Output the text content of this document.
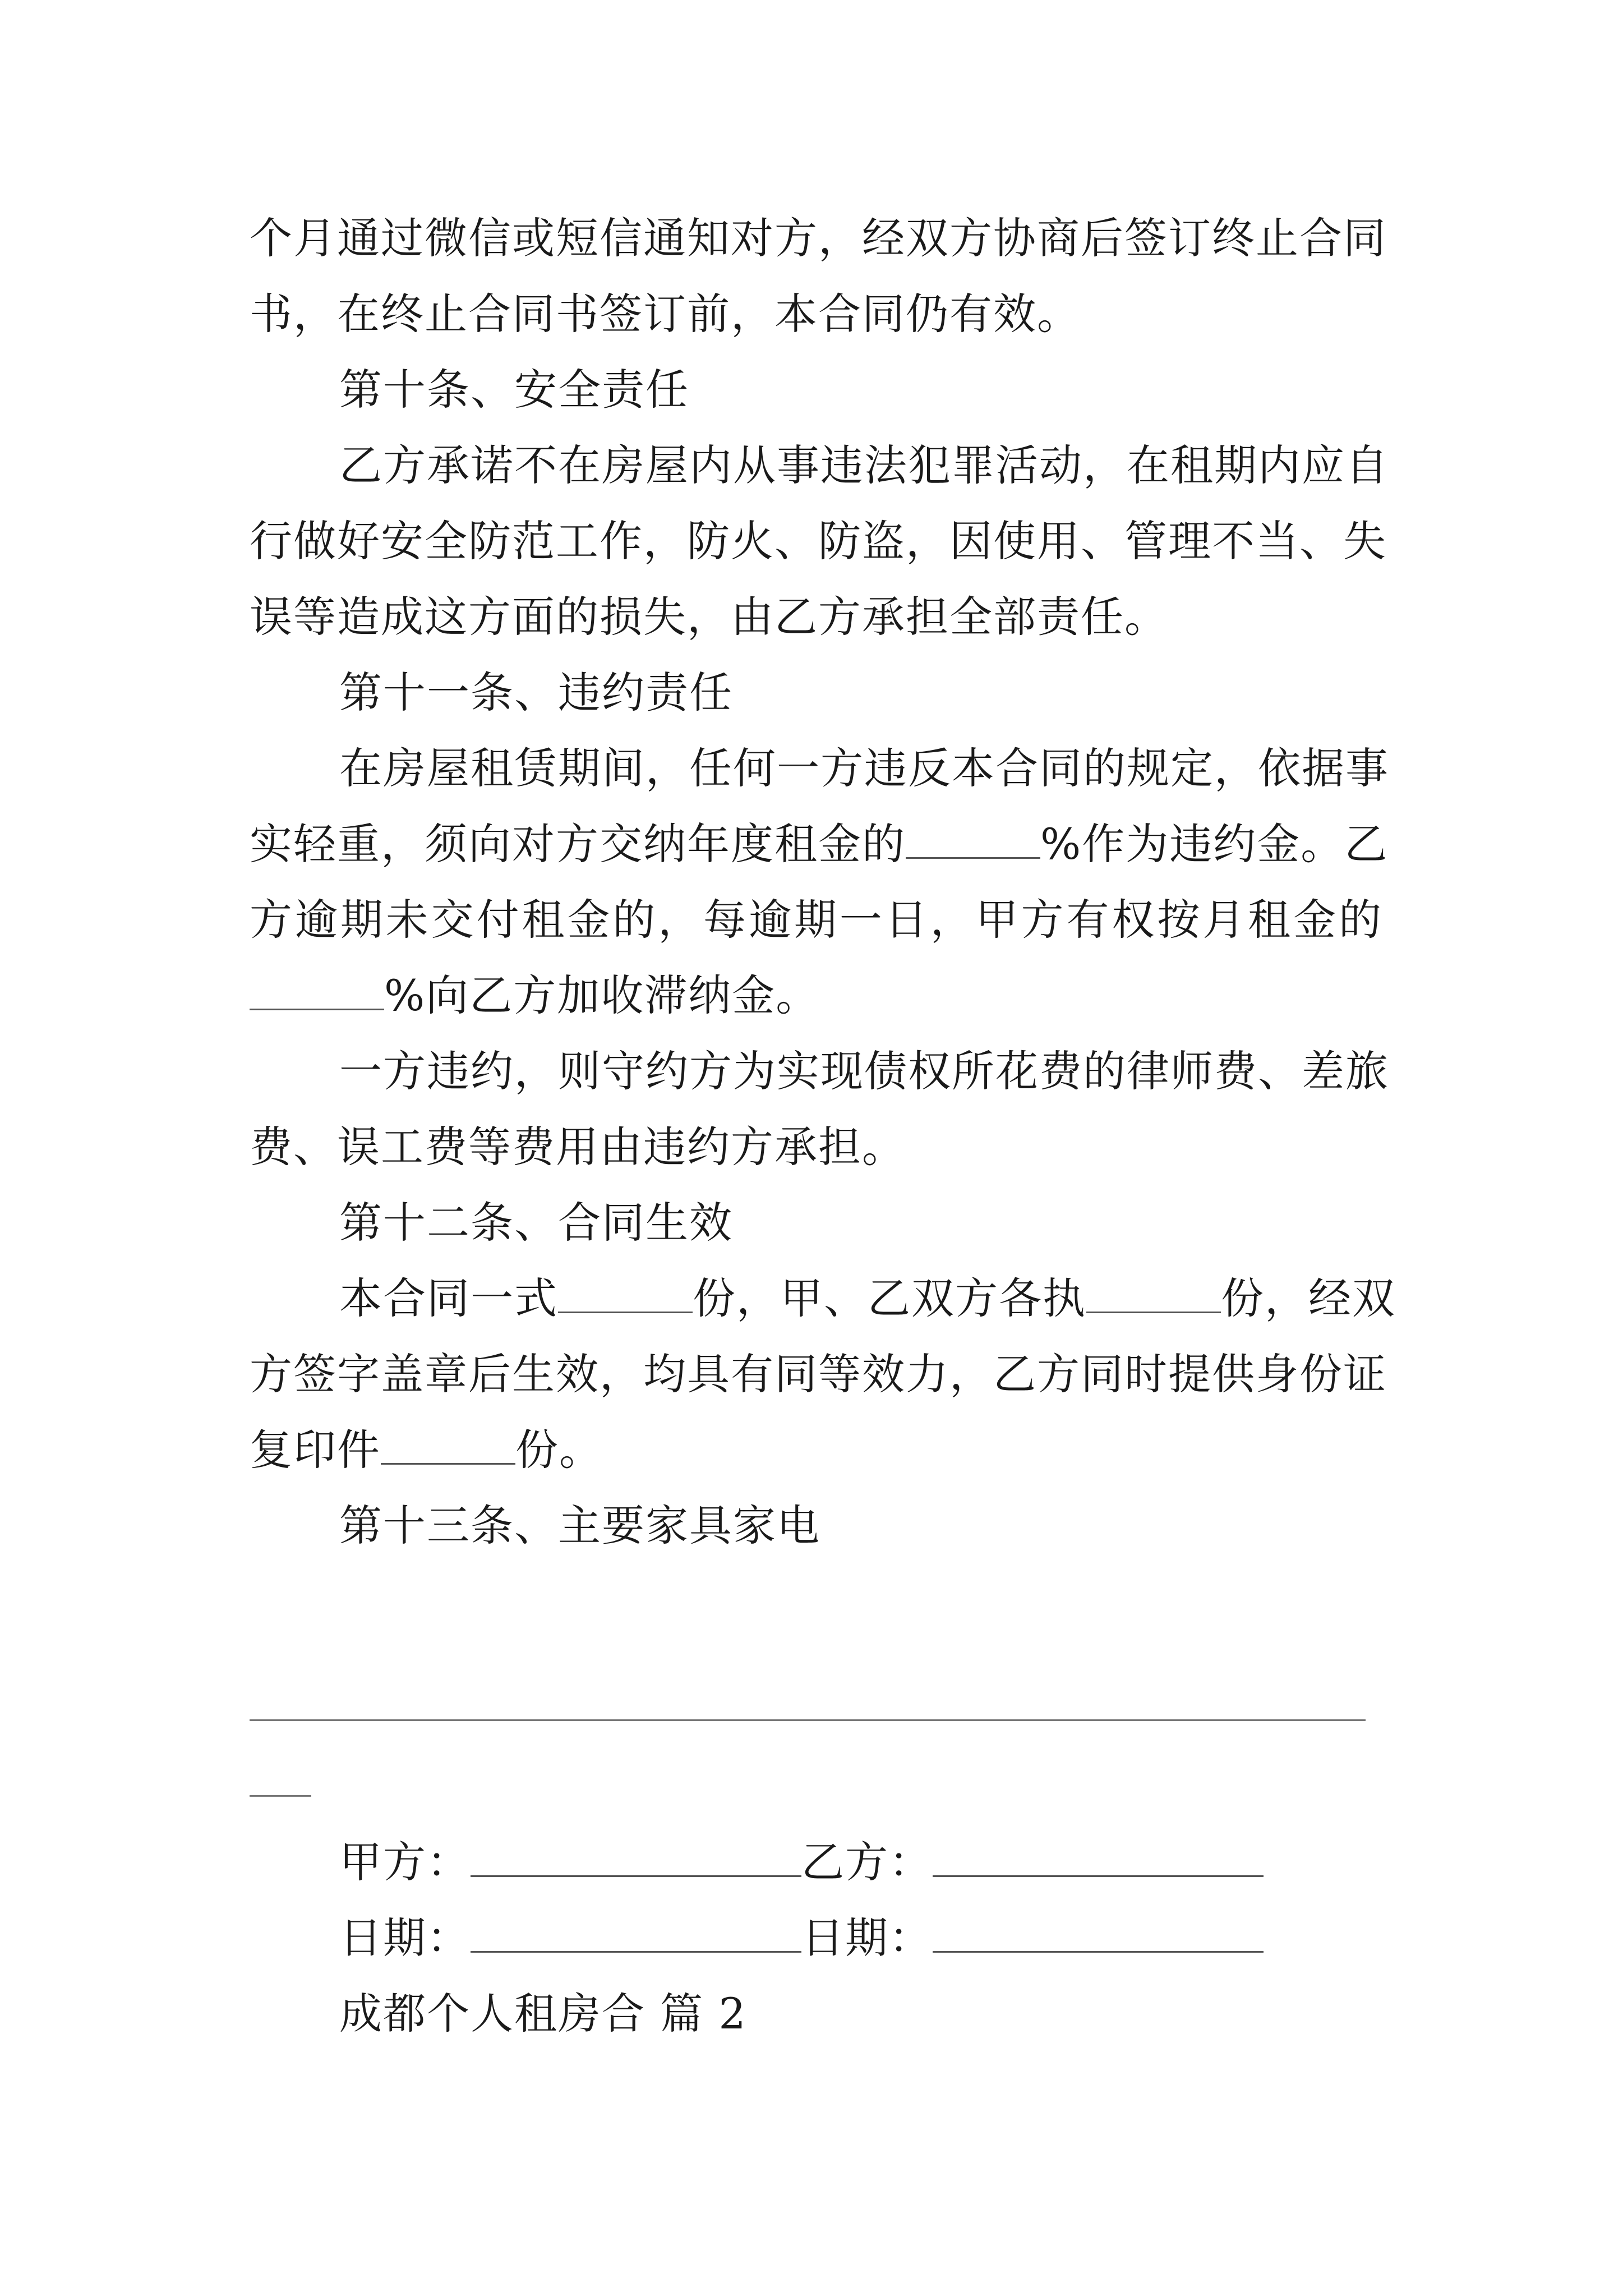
个月通过微信或短信通知对方，经双方协商后签订终止合同
书，在终止合同书签订前，本合同仍有效。
第十条、安全责任
乙方承诺不在房屋内从事违法犯罪活动，在租期内应自
行做好安全防范工作，防火、防盗，因使用、管理不当、失
误等造成这方面的损失，由乙方承担全部责任。
第十一条、违约责任
在房屋租赁期间，任何一方违反本合同的规定，依据事
实轻重，须向对方交纳年度租金的	%作为违约金。乙
方逾期未交付租金的，每逾期一日，甲方有权按月租金的
%向乙方加收滞纳金。
一方违约，则守约方为实现债权所花费的律师费、差旅
费、误工费等费用由违约方承担。
第十二条、合同生效
本合同一式	份，甲、乙双方各执	份，经双
方签字盖章后生效，均具有同等效力，乙方同时提供身份证
复印件	份。
第十三条、主要家具家电
甲方：	乙方：
日期：	日期：
成都个人租房合 篇 2
